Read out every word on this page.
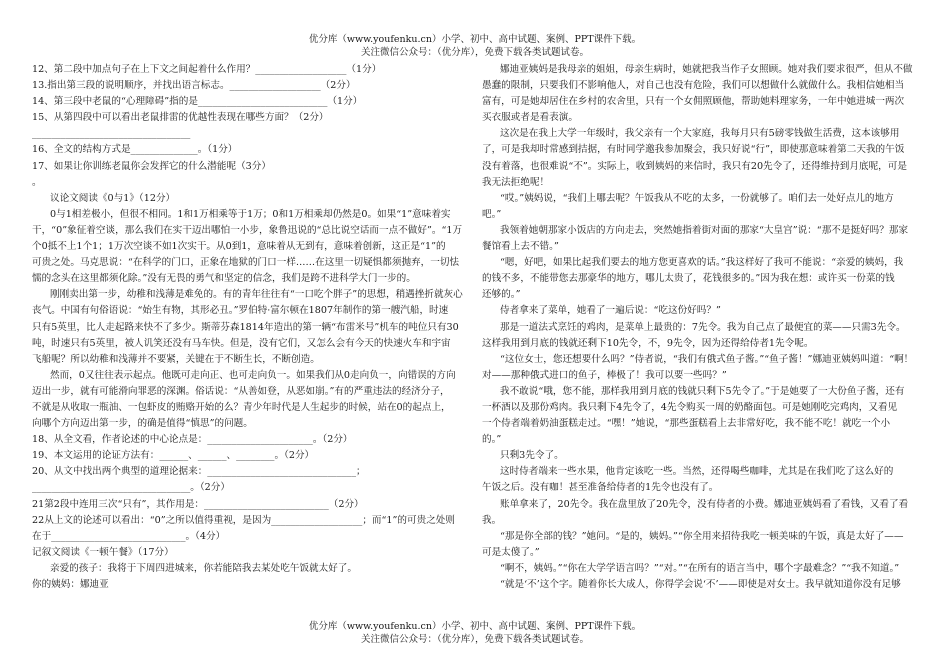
优分库（www.youfenku.cn）小学、初中、高中试题、案例、PPT课件下载。
关注微信公众号：（优分库），免费下载各类试题试卷。

12、第二段中加点句子在上下文之间起着什么作用？___________________（1分）

13.指出第三段的说明顺序，并找出语言标志。___________________（2分）

14、第三段中老鼠的“心理障碍”指的是___________________________（1分）

15、从第四段中可以看出老鼠排雷的优越性表现在哪些方面？（2分）

_________________________________

16、全文的结构方式是______________。（1分）

17、如果让你训练老鼠你会发挥它的什么潜能呢（3分）

。

议论文阅读《0与1》（12分）

0与1相差极小，但很不相同。1和1万相乘等于1万；0和1万相乘却仍然是0。如果“1”意味着实

干，“0”象征着空谈，那么我们在实干迈出哪怕一小步，象鲁迅说的“总比说空话而一点不做好”。“1万

个0抵不上1个1；1万次空谈不如1次实干。从0到1，意味着从无到有，意味着创新，这正是“1”的

可贵之处。马克思说：“在科学的门口，正象在地狱的门口一样……在这里一切疑惧都须抛弃，一切怯

懦的念头在这里都须化除。”没有无畏的勇气和坚定的信念，我们是跨不进科学大门一步的。

刚刚卖出第一步，幼稚和浅薄是难免的。有的青年往往有“一口吃个胖子”的思想，稍遇挫折就灰心

丧气。中国有句俗语说：“始生有物，其形必丑。”罗伯特·富尔顿在1807年制作的第一艘汽船，时速

只有5英里，比人走起路来快不了多少。斯蒂芬森1814年造出的第一辆“布雷米号”机车的吨位只有30

吨，时速只有5英里，被人讥笑还没有马车快。但是，没有它们，又怎么会有今天的快速火车和宇宙

飞船呢？所以幼稚和浅薄并不要紧，关键在于不断生长，不断创造。

然而，0又往往表示起点。他既可走向正、也可走向负一。如果我们从0走向负一，向错误的方向

迈出一步，就有可能滑向罪恶的深渊。俗话说：“从善如登，从恶如崩。”有的严重违法的经济分子，

不就是从收取一瓶油、一包虾皮的贿赂开始的么？青少年时代是人生起步的时候，站在0的起点上，

向哪个方向迈出第一步，的确是值得“慎思”的问题。

18、从全文看，作者论述的中心论点是：______________________。（2分）

19、本文运用的论证方法有：______、______、________。（2分）

20、从文中找出两个典型的道理论据来：_______________________________；

_________________________________。（2分）

21第2段中连用三次“只有”，其作用是：__________________________（2分）

22从上文的论述可以看出：“0”之所以值得重视，是因为___________________；而“1”的可贵之处则

在于____________________________。（4分）

记叙文阅读《一顿午餐》（17分）

亲爱的孩子：我将于下周四进城来，你若能陪我去某处吃午饭就太好了。

你的姨妈：娜迪亚

娜迪亚姨妈是我母亲的姐姐，母亲生病时，她就把我当作子女照顾。她对我们要求很严，但从不做

愚蠢的限制，只要我们不影响他人，对自己也没有危险，我们可以想做什么就做什么。我相信她相当

富有，可是她却居住在乡村的农舍里，只有一个女佣照顾他，帮助她料理家务，一年中她进城一两次

买衣服或者是看表演。

这次是在我上大学一年级时，我父亲有一个大家庭，我每月只有5磅零钱做生活费，这本该够用

了，可是我却时常感到拮据，有时同学邀我参加聚会，我只好说“行”，即使那意味着第二天我的午饭

没有着落，也很难说“不”。实际上，收到姨妈的来信时，我只有20先令了，还得维持到月底呢，可是

我无法拒绝呢！

“哎。”姨妈说，“我们上哪去呢？午饭我从不吃的太多，一份就够了。咱们去一处好点儿的地方

吧。”

我领着她朝那家小饭店的方向走去，突然她指着街对面的那家“大皇宫”说：“那不是挺好吗？那家

餐馆看上去不错。”

“嗯，好吧，如果比起我们要去的地方您更喜欢的话。”我这样好了我可不能说：“亲爱的姨妈，我

的钱不多，不能带您去那豪华的地方，哪儿太贵了，花钱很多的。”因为我在想：或许买一份菜的钱

还够的。”

侍者拿来了菜单，她看了一遍后说：“吃这份好吗？”

那是一道法式烹饪的鸡肉，是菜单上最贵的：7先令。我为自己点了最便宜的菜——只需3先令。

这样我用到月底的钱就还剩下10先令，不，9先令，因为还得给侍者1先令呢。

“这位女士，您还想要什么吗？”侍者说，“我们有俄式鱼子酱。”“鱼子酱！”娜迪亚姨妈叫道：“啊！

对——那种俄式进口的鱼子，棒极了！我可以要一些吗？”

我不敢说“哦，您不能，那样我用到月底的钱就只剩下5先令了。”于是她要了一大份鱼子酱，还有

一杯酒以及那份鸡肉。我只剩下4先令了，4先令购买一周的奶酪面包。可是她刚吃完鸡肉，又看见

一个侍者端着奶油蛋糕走过。“嘿！”她说，“那些蛋糕看上去非常好吃，我不能不吃！就吃一个小

的。”

只剩3先令了。

这时侍者端来一些水果，他肯定该吃一些。当然，还得喝些咖啡，尤其是在我们吃了这么好的

午饭之后。没有咖！甚至准备给侍者的1先令也没有了。

账单拿来了，20先令。我在盘里放了20先令，没有侍者的小费。娜迪亚姨妈看了看钱，又看了看

我。

“那是你全部的钱？”她问。“是的，姨妈。”“你全用来招待我吃一顿美味的午饭，真是太好了——

可是太傻了。”

“啊不，姨妈。”“你在大学学语言吗？”“对。”“在所有的语言当中，哪个字最难念？”“我不知道。”

“就是‘不’这个字。随着你长大成人，你得学会说‘不’——即使是对女士。我早就知道你没有足够

优分库（www.youfenku.cn）小学、初中、高中试题、案例、PPT课件下载。
关注微信公众号：（优分库），免费下载各类试题试卷。
